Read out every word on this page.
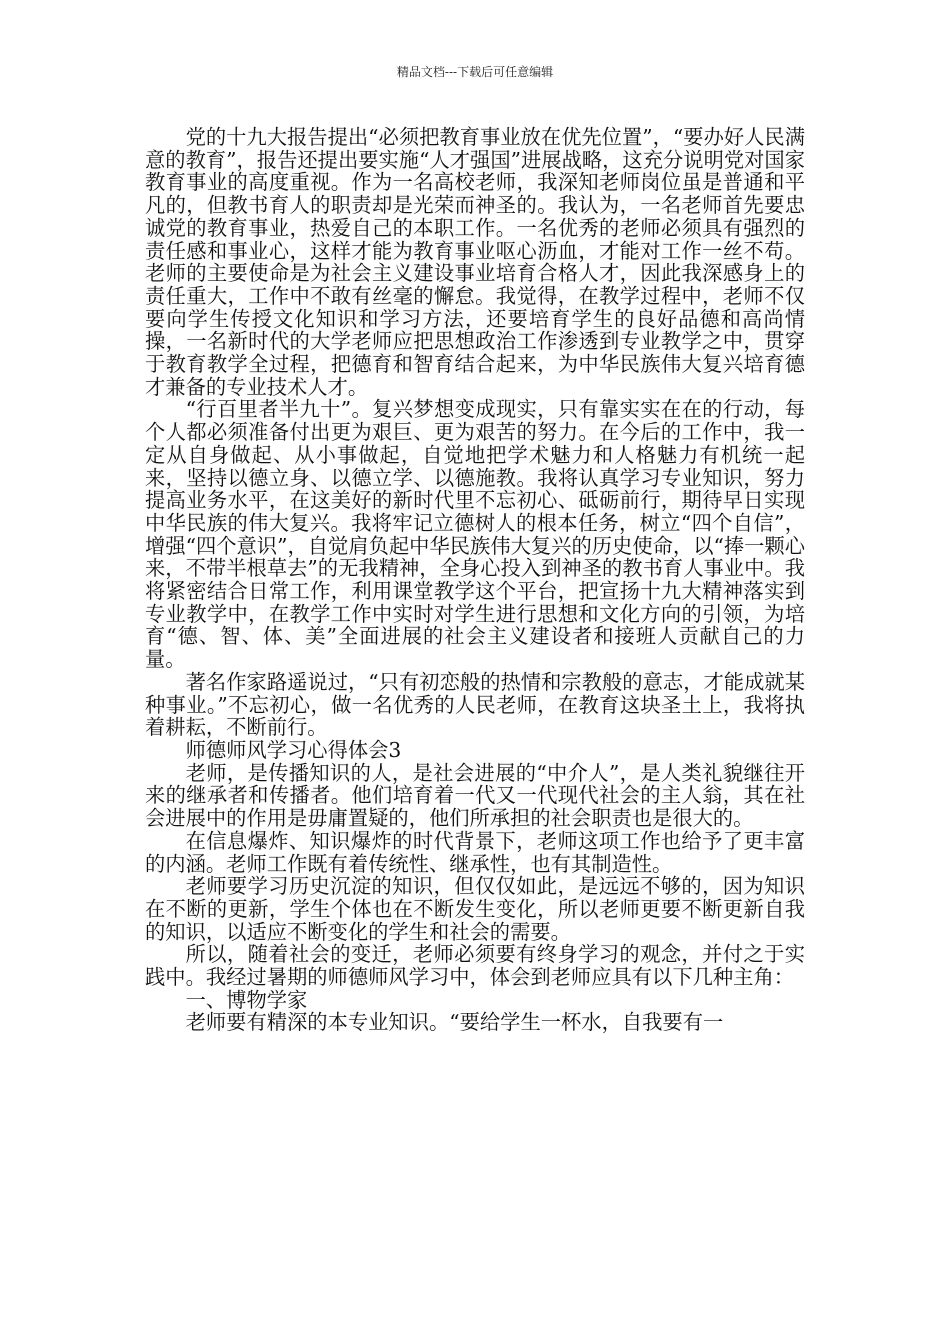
精品文档---下载后可任意编辑

党的十九大报告提出“必须把教育事业放在优先位置”，“要办好人民满意的教育”，报告还提出要实施“人才强国”进展战略，这充分说明党对国家教育事业的高度重视。作为一名高校老师，我深知老师岗位虽是普通和平凡的，但教书育人的职责却是光荣而神圣的。我认为，一名老师首先要忠诚党的教育事业，热爱自己的本职工作。一名优秀的老师必须具有强烈的责任感和事业心，这样才能为教育事业呕心沥血，才能对工作一丝不苟。老师的主要使命是为社会主义建设事业培育合格人才，因此我深感身上的责任重大，工作中不敢有丝毫的懈怠。我觉得，在教学过程中，老师不仅要向学生传授文化知识和学习方法，还要培育学生的良好品德和高尚情操，一名新时代的大学老师应把思想政治工作渗透到专业教学之中，贯穿于教育教学全过程，把德育和智育结合起来，为中华民族伟大复兴培育德才兼备的专业技术人才。

“行百里者半九十”。复兴梦想变成现实，只有靠实实在在的行动，每个人都必须准备付出更为艰巨、更为艰苦的努力。在今后的工作中，我一定从自身做起、从小事做起，自觉地把学术魅力和人格魅力有机统一起来，坚持以德立身、以德立学、以德施教。我将认真学习专业知识，努力提高业务水平，在这美好的新时代里不忘初心、砥砺前行，期待早日实现中华民族的伟大复兴。我将牢记立德树人的根本任务，树立“四个自信”，增强“四个意识”，自觉肩负起中华民族伟大复兴的历史使命，以“捧一颗心来，不带半根草去”的无我精神，全身心投入到神圣的教书育人事业中。我将紧密结合日常工作，利用课堂教学这个平台，把宣扬十九大精神落实到专业教学中，在教学工作中实时对学生进行思想和文化方向的引领，为培育“德、智、体、美”全面进展的社会主义建设者和接班人贡献自己的力量。

著名作家路遥说过，“只有初恋般的热情和宗教般的意志，才能成就某种事业。”不忘初心，做一名优秀的人民老师，在教育这块圣土上，我将执着耕耘，不断前行。

师德师风学习心得体会3

老师，是传播知识的人，是社会进展的“中介人”，是人类礼貌继往开来的继承者和传播者。他们培育着一代又一代现代社会的主人翁，其在社会进展中的作用是毋庸置疑的，他们所承担的社会职责也是很大的。

在信息爆炸、知识爆炸的时代背景下，老师这项工作也给予了更丰富的内涵。老师工作既有着传统性、继承性，也有其制造性。

老师要学习历史沉淀的知识，但仅仅如此，是远远不够的，因为知识在不断的更新，学生个体也在不断发生变化，所以老师更要不断更新自我的知识，以适应不断变化的学生和社会的需要。

所以，随着社会的变迁，老师必须要有终身学习的观念，并付之于实践中。我经过暑期的师德师风学习中，体会到老师应具有以下几种主角：

一、博物学家

老师要有精深的本专业知识。“要给学生一杯水，自我要有一
